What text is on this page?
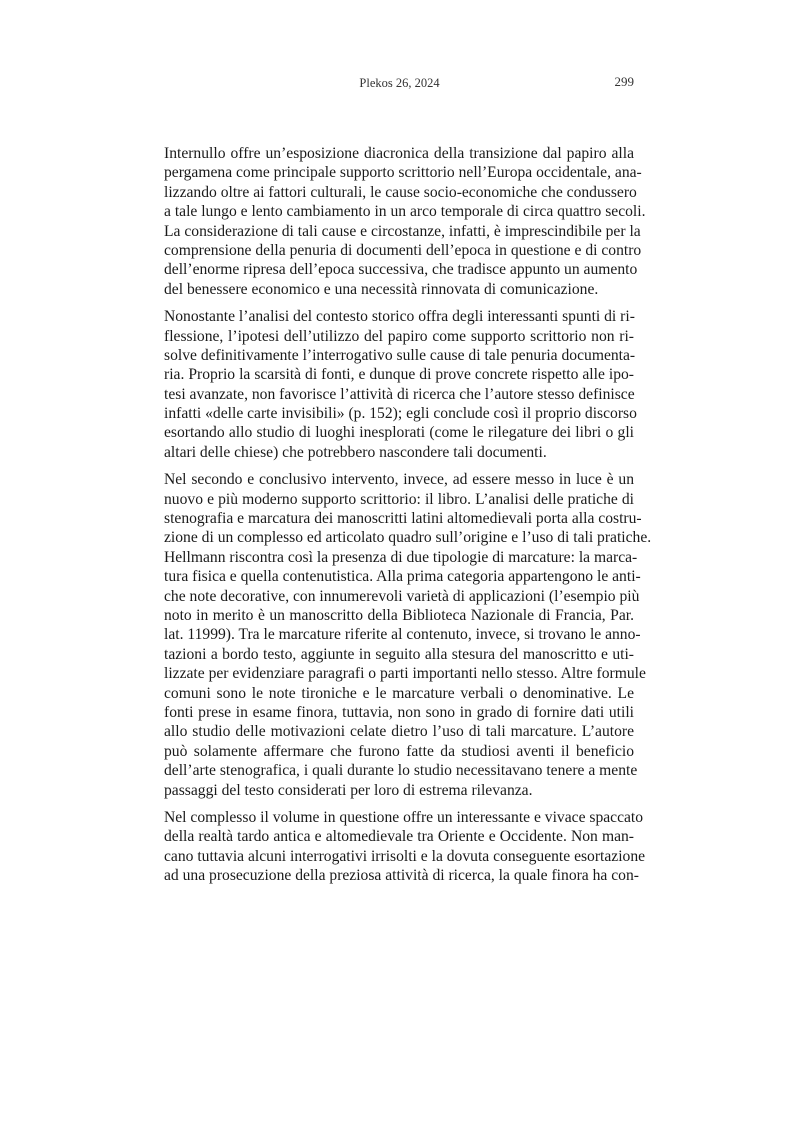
Plekos 26, 2024	299

Internullo offre un’esposizione diacronica della transizione dal papiro alla
pergamena come principale supporto scrittorio nell’Europa occidentale, ana-
lizzando oltre ai fattori culturali, le cause socio-economiche che condussero
a tale lungo e lento cambiamento in un arco temporale di circa quattro secoli.
La considerazione di tali cause e circostanze, infatti, è imprescindibile per la
comprensione della penuria di documenti dell’epoca in questione e di contro
dell’enorme ripresa dell’epoca successiva, che tradisce appunto un aumento
del benessere economico e una necessità rinnovata di comunicazione.

Nonostante l’analisi del contesto storico offra degli interessanti spunti di ri-
flessione, l’ipotesi dell’utilizzo del papiro come supporto scrittorio non ri-
solve definitivamente l’interrogativo sulle cause di tale penuria documenta-
ria. Proprio la scarsità di fonti, e dunque di prove concrete rispetto alle ipo-
tesi avanzate, non favorisce l’attività di ricerca che l’autore stesso definisce
infatti «delle carte invisibili» (p. 152); egli conclude così il proprio discorso
esortando allo studio di luoghi inesplorati (come le rilegature dei libri o gli
altari delle chiese) che potrebbero nascondere tali documenti.

Nel secondo e conclusivo intervento, invece, ad essere messo in luce è un
nuovo e più moderno supporto scrittorio: il libro. L’analisi delle pratiche di
stenografia e marcatura dei manoscritti latini altomedievali porta alla costru-
zione di un complesso ed articolato quadro sull’origine e l’uso di tali pratiche.
Hellmann riscontra così la presenza di due tipologie di marcature: la marca-
tura fisica e quella contenutistica. Alla prima categoria appartengono le anti-
che note decorative, con innumerevoli varietà di applicazioni (l’esempio più
noto in merito è un manoscritto della Biblioteca Nazionale di Francia, Par.
lat. 11999). Tra le marcature riferite al contenuto, invece, si trovano le anno-
tazioni a bordo testo, aggiunte in seguito alla stesura del manoscritto e uti-
lizzate per evidenziare paragrafi o parti importanti nello stesso. Altre formule
comuni sono le note tironiche e le marcature verbali o denominative. Le
fonti prese in esame finora, tuttavia, non sono in grado di fornire dati utili
allo studio delle motivazioni celate dietro l’uso di tali marcature. L’autore
può solamente affermare che furono fatte da studiosi aventi il beneficio
dell’arte stenografica, i quali durante lo studio necessitavano tenere a mente
passaggi del testo considerati per loro di estrema rilevanza.

Nel complesso il volume in questione offre un interessante e vivace spaccato
della realtà tardo antica e altomedievale tra Oriente e Occidente. Non man-
cano tuttavia alcuni interrogativi irrisolti e la dovuta conseguente esortazione
ad una prosecuzione della preziosa attività di ricerca, la quale finora ha con-
